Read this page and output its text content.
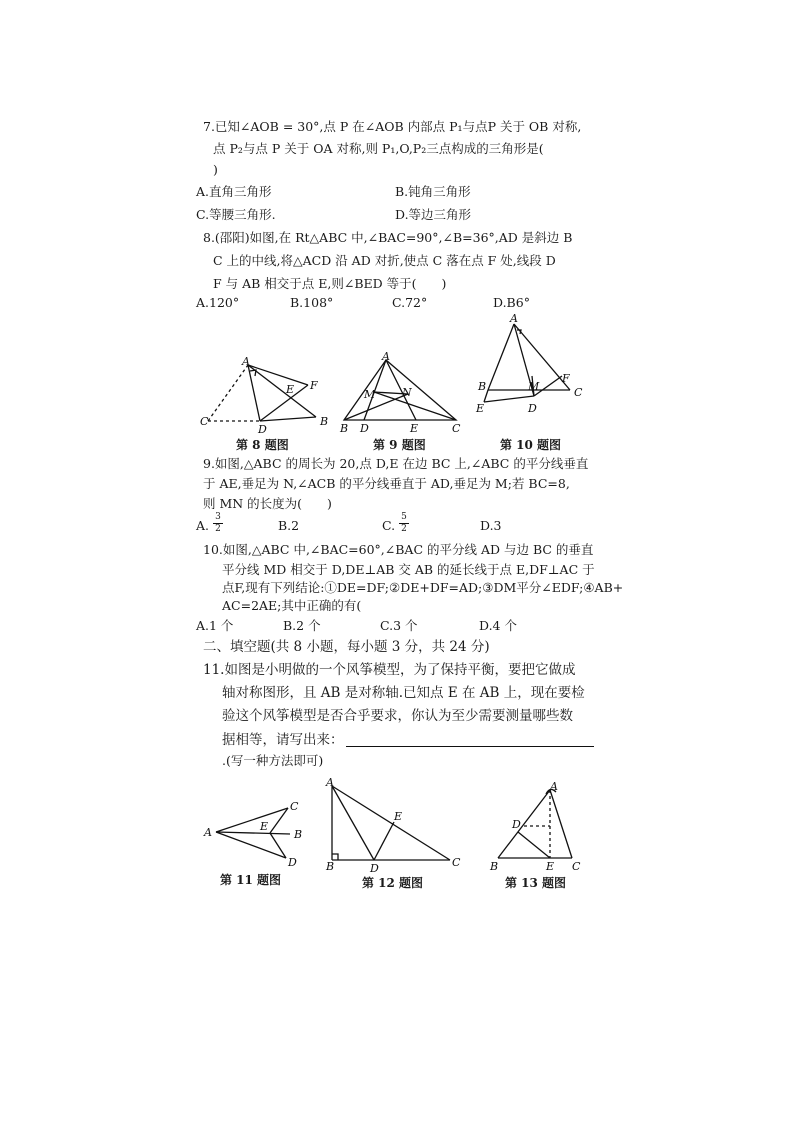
7.已知∠AOB = 30°,点 P 在∠AOB 内部点 P₁与点P 关于 OB 对称,
点 P₂与点 P 关于 OA 对称,则 P₁,O,P₂三点构成的三角形是(
)
A.直角三角形	B.钝角三角形
C.等腰三角形.	D.等边三角形
8.(邵阳)如图,在 Rt△ABC 中,∠BAC=90°,∠B=36°,AD 是斜边 B
C 上的中线,将△ACD 沿 AD 对折,使点 C 落在点 F 处,线段 D
F 与 AB 相交于点 E,则∠BED 等于(　　)
A.120°	B.108°	C.72°	D.B6°
A
B
C
D
E F
第 8 题图
A
B	C
D	E
M N
第 9 题图
A
B	C
D
E
F
M
第 10 题图
9.如图,△ABC 的周长为 20,点 D,E 在边 BC 上,∠ABC 的平分线垂直
于 AE,垂足为 N,∠ACB 的平分线垂直于 AD,垂足为 M;若 BC=8,
则 MN 的长度为(　　)
A.
3
2	B.2	C.
5
2	D.3
10.如图,△ABC 中,∠BAC=60°,∠BAC 的平分线 AD 与边 BC 的垂直
平分线 MD 相交于 D,DE⊥AB 交 AB 的延长线于点 E,DF⊥AC 于
点F,现有下列结论:①DE=DF;②DE+DF=AD;③DM平分∠EDF;④AB+
AC=2AE;其中正确的有(
A.1 个	B.2 个	C.3 个	D.4 个
二、填空题(共 8 小题，每小题 3 分，共 24 分)
11.如图是小明做的一个风筝模型，为了保持平衡，要把它做成
轴对称图形，且 AB 是对称轴.已知点 E 在 AB 上，现在要检
验这个风筝模型是否合乎要求，你认为至少需要测量哪些数
据相等，请写出来：
.(写一种方法即可)
A	B
C
D
E
第 11 题图
A
B	C
D
E
第 12 题图
A
B	C
D
E
第 13 题图
